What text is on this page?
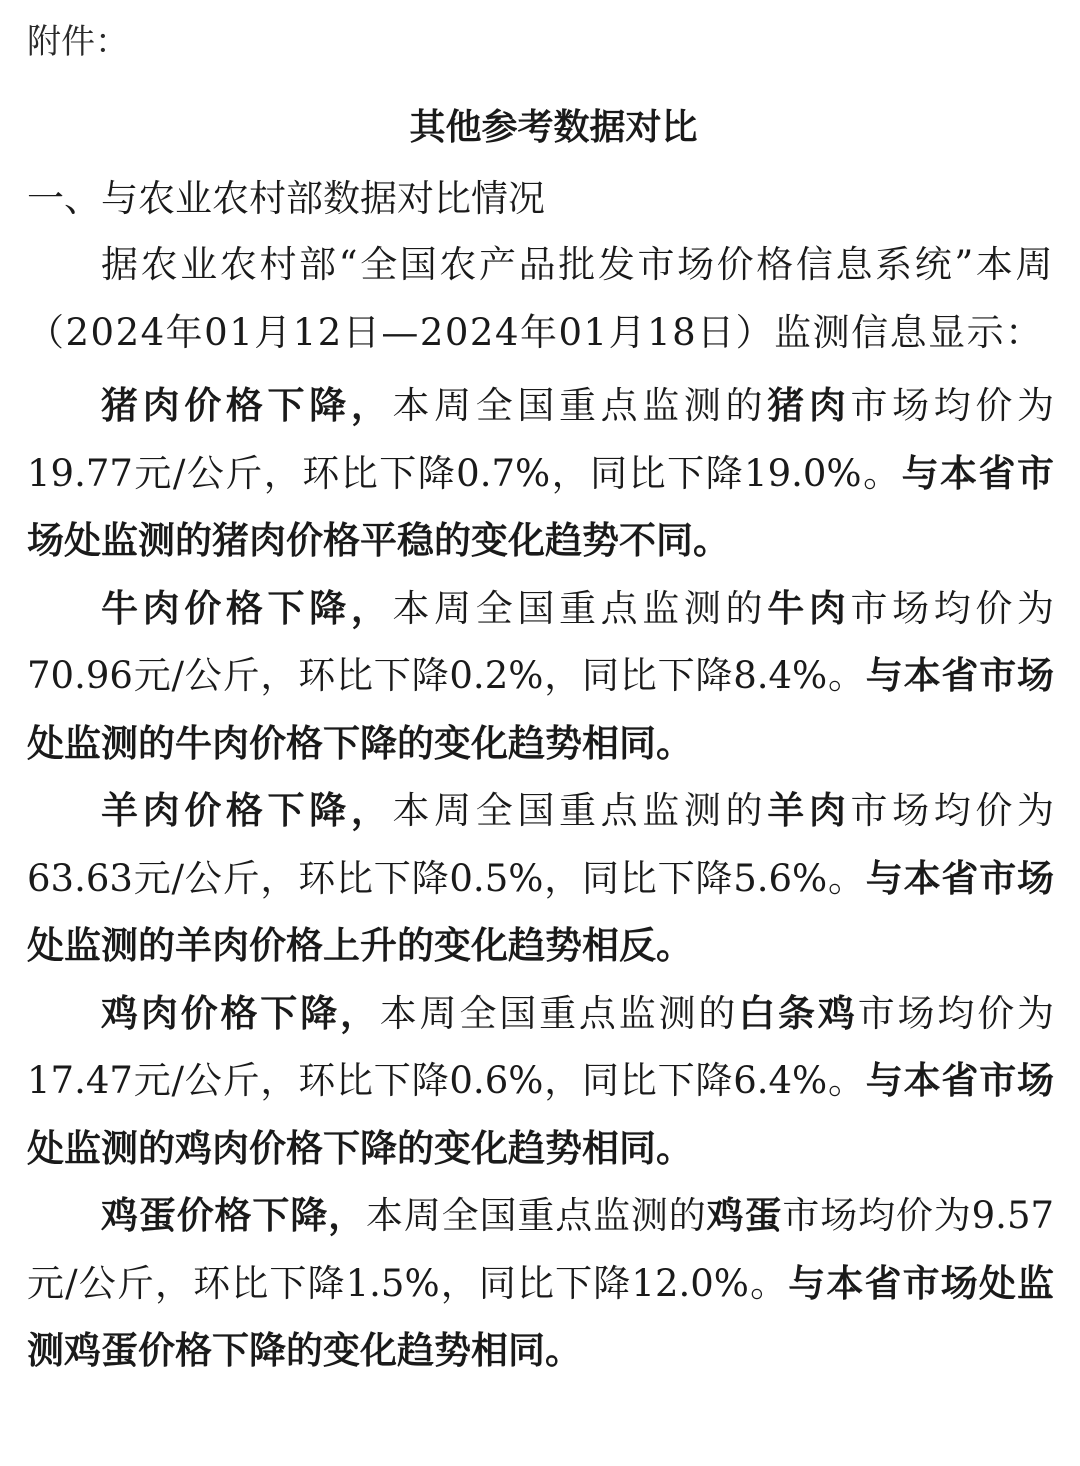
附件：
其他参考数据对比
一、与农业农村部数据对比情况

据农业农村部“全国农产品批发市场价格信息系统”本周（2024年01月12日—2024年01月18日）监测信息显示：

猪肉价格下降，本周全国重点监测的猪肉市场均价为19.77元/公斤，环比下降0.7%，同比下降19.0%。与本省市场处监测的猪肉价格平稳的变化趋势不同。

牛肉价格下降，本周全国重点监测的牛肉市场均价为70.96元/公斤，环比下降0.2%，同比下降8.4%。与本省市场处监测的牛肉价格下降的变化趋势相同。

羊肉价格下降，本周全国重点监测的羊肉市场均价为63.63元/公斤，环比下降0.5%，同比下降5.6%。与本省市场处监测的羊肉价格上升的变化趋势相反。

鸡肉价格下降，本周全国重点监测的白条鸡市场均价为17.47元/公斤，环比下降0.6%，同比下降6.4%。与本省市场处监测的鸡肉价格下降的变化趋势相同。

鸡蛋价格下降，本周全国重点监测的鸡蛋市场均价为9.57元/公斤，环比下降1.5%，同比下降12.0%。与本省市场处监测鸡蛋价格下降的变化趋势相同。
